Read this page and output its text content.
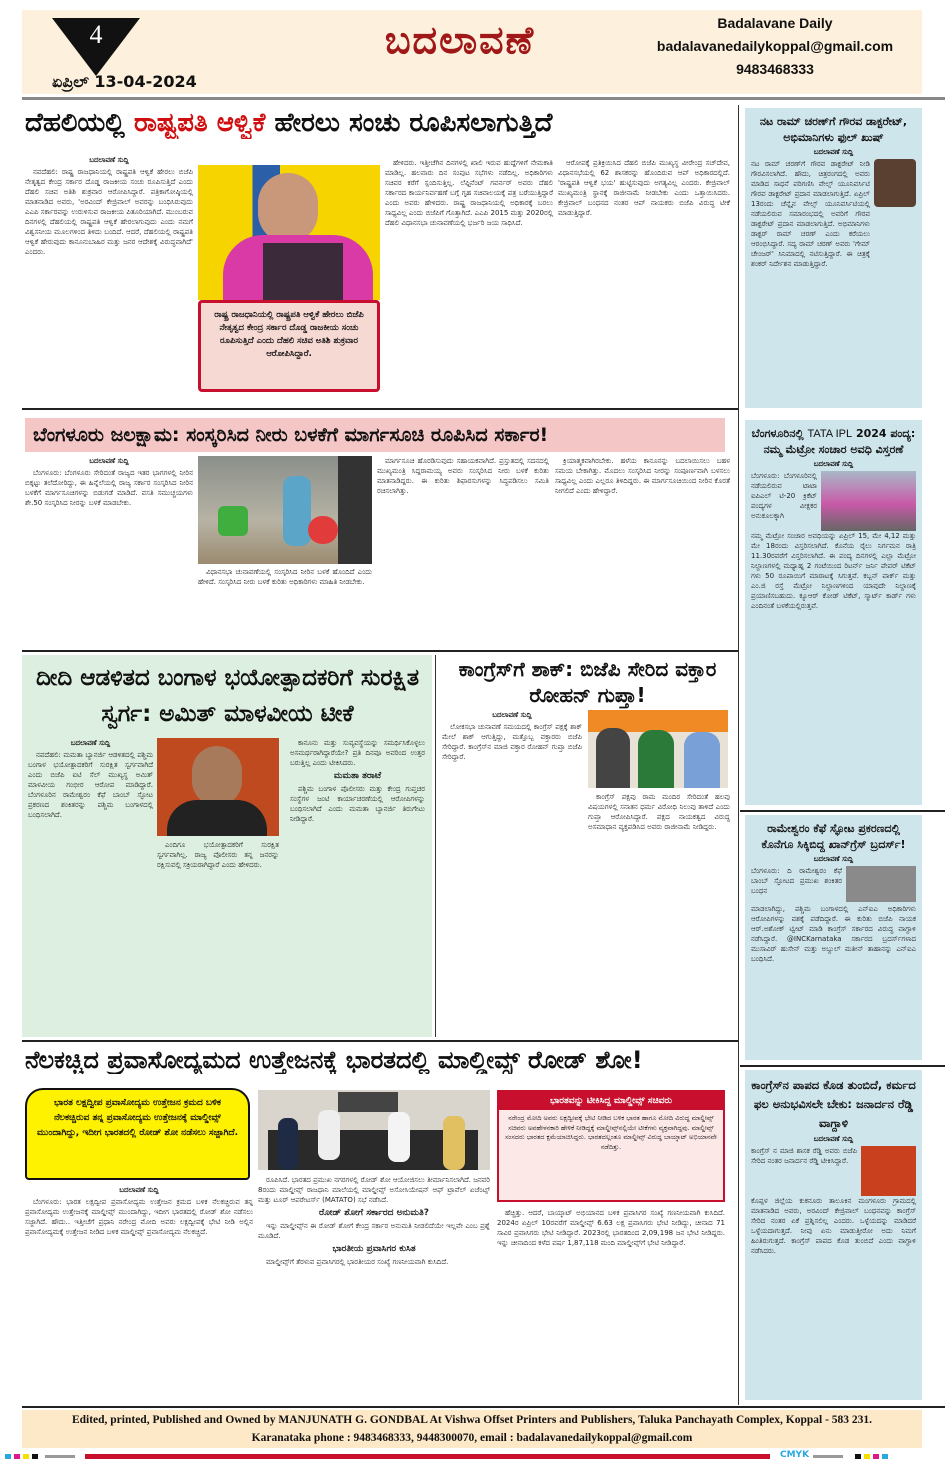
4
ಏಪ್ರಿಲ್ 13-04-2024
ಬದಲಾವಣೆ	Badalavane Daily
badalavanedailykoppal@gmail.com
9483468333
ದೆಹಲಿಯಲ್ಲಿ ರಾಷ್ಟ್ರಪತಿ ಆಳ್ವಿಕೆ ಹೇರಲು ಸಂಚು ರೂಪಿಸಲಾಗುತ್ತಿದೆ
ಬದಲಾವಣೆ ಸುದ್ದಿ

ನವದೆಹಲಿ: ರಾಷ್ಟ್ರ ರಾಜಧಾನಿಯಲ್ಲಿ ರಾಷ್ಟ್ರಪತಿ ಆಳ್ವಿಕೆ ಹೇರಲು ಬಿಜೆಪಿ ನೇತೃತ್ವದ ಕೇಂದ್ರ ಸರ್ಕಾರ ದೊಡ್ಡ ರಾಜಕೀಯ ಸಂಚು ರೂಪಿಸುತ್ತಿದೆ ಎಂದು ದೆಹಲಿ ಸಚಿವ ಅತಿಶಿ ಶುಕ್ರವಾರ ಆರೋಪಿಸಿದ್ದಾರೆ. ಪತ್ರಿಕಾಗೋಷ್ಠಿಯಲ್ಲಿ ಮಾತನಾಡಿದ ಅವರು, 'ಅರವಿಂದ್ ಕೇಜ್ರಿವಾಲ್ ಅವರನ್ನು ಬಂಧಿಸಿರುವುದು ಎಎಪಿ ಸರ್ಕಾರವನ್ನು ಉರುಳಿಸುವ ರಾಜಕೀಯ ಪಿತೂರಿಯಾಗಿದೆ. ಮುಂಬರುವ ದಿನಗಳಲ್ಲಿ ದೆಹಲಿಯಲ್ಲಿ ರಾಷ್ಟ್ರಪತಿ ಆಳ್ವಿಕೆ ಹೇರಲಾಗುವುದು ಎಂದು ನಮಗೆ ವಿಶ್ವಸನೀಯ ಮೂಲಗಳಿಂದ ತಿಳಿದು ಬಂದಿದೆ. ಆದರೆ, ದೆಹಲಿಯಲ್ಲಿ ರಾಷ್ಟ್ರಪತಿ ಆಳ್ವಿಕೆ ಹೇರುವುದು ಕಾನೂನುಬಾಹಿರ ಮತ್ತು ಜನರ ಆದೇಶಕ್ಕೆ ವಿರುದ್ಧವಾಗಿದೆ' ಎಂದರು.

ರಾಷ್ಟ್ರ ರಾಜಧಾನಿಯಲ್ಲಿ ರಾಷ್ಟ್ರಪತಿ ಆಳ್ವಿಕೆ ಹೇರಲು ಬಿಜೆಪಿ ನೇತೃತ್ವದ ಕೇಂದ್ರ ಸರ್ಕಾರ ದೊಡ್ಡ ರಾಜಕೀಯ ಸಂಚು ರೂಪಿಸುತ್ತಿದೆ ಎಂದು ದೆಹಲಿ ಸಚಿವ ಅತಿಶಿ ಶುಕ್ರವಾರ ಆರೋಪಿಸಿದ್ದಾರೆ.

ಹೇಳಿದರು. ಇತ್ತೀಚೆಗಿನ ದಿನಗಳಲ್ಲಿ ಖಾಲಿ ಇರುವ ಹುದ್ದೆಗಳಿಗೆ ನೇಮಕಾತಿ ಮಾಡಿಲ್ಲ. ಹಲವಾರು ದಿನ ಸಂಪುಟ ಸಭೆಗಳು ನಡೆದಿಲ್ಲ. ಅಧಿಕಾರಿಗಳು ಸಚಿವರ ಕರೆಗೆ ಸ್ಪಂದಿಸುತ್ತಿಲ್ಲ. ಲೆಫ್ಟಿನೆಂಟ್ ಗವರ್ನರ್ ಅವರು ದೆಹಲಿ ಸರ್ಕಾರದ ಕಾರ್ಯನಿರ್ವಹಣೆ ಬಗ್ಗೆ ಗೃಹ ಸಚಿವಾಲಯಕ್ಕೆ ಪತ್ರ ಬರೆಯುತ್ತಿದ್ದಾರೆ ಎಂದು ಅವರು ಹೇಳಿದರು. ರಾಷ್ಟ್ರ ರಾಜಧಾನಿಯಲ್ಲಿ ಅಧಿಕಾರಕ್ಕೆ ಬರಲು ಸಾಧ್ಯವಿಲ್ಲ ಎಂದು ಬಿಜೆಪಿಗೆ ಗೊತ್ತಾಗಿದೆ. ಎಎಪಿ 2015 ಮತ್ತು 2020ರಲ್ಲಿ ದೆಹಲಿ ವಿಧಾನಸಭಾ ಚುನಾವಣೆಯಲ್ಲಿ ಭರ್ಜರಿ ಜಯ ಸಾಧಿಸಿದೆ.

ಆರೋಪಕ್ಕೆ ಪ್ರತಿಕ್ರಿಯಿಸಿದ ದೆಹಲಿ ಬಿಜೆಪಿ ಮುಖ್ಯಸ್ಥ ವೀರೇಂದ್ರ ಸಚ್‌ದೇವ, ವಿಧಾನಸಭೆಯಲ್ಲಿ 62 ಶಾಸಕರನ್ನು ಹೊಂದಿರುವ ಆಪ್ ಅಧಿಕಾರದಲ್ಲಿದೆ. 'ರಾಷ್ಟ್ರಪತಿ ಆಳ್ವಿಕೆ ಭಯ' ಹುಟ್ಟಿಸುವುದು ಅಗತ್ಯವಿಲ್ಲ ಎಂದರು. ಕೇಜ್ರಿವಾಲ್ ಮುಖ್ಯಮಂತ್ರಿ ಸ್ಥಾನಕ್ಕೆ ರಾಜೀನಾಮೆ ನೀಡಬೇಕು ಎಂದು ಒತ್ತಾಯಿಸಿದರು. ಕೇಜ್ರಿವಾಲ್ ಬಂಧನದ ನಂತರ ಆಪ್ ನಾಯಕರು ಬಿಜೆಪಿ ವಿರುದ್ಧ ಟೀಕೆ ಮಾಡುತ್ತಿದ್ದಾರೆ.

ಬೆಂಗಳೂರು ಜಲಕ್ಷಾಮ: ಸಂಸ್ಕರಿಸಿದ ನೀರು ಬಳಕೆಗೆ ಮಾರ್ಗಸೂಚಿ ರೂಪಿಸಿದ ಸರ್ಕಾರ!
ಬದಲಾವಣೆ ಸುದ್ದಿ

ಬೆಂಗಳೂರು: ಬೆಂಗಳೂರು ಸೇರಿದಂತೆ ರಾಜ್ಯದ ಇತರ ಭಾಗಗಳಲ್ಲಿ ನೀರಿನ ಬಿಕ್ಕಟ್ಟು ತಲೆದೋರಿದ್ದು, ಈ ಹಿನ್ನೆಲೆಯಲ್ಲಿ ರಾಜ್ಯ ಸರ್ಕಾರ ಸಂಸ್ಕರಿಸಿದ ನೀರಿನ ಬಳಕೆಗೆ ಮಾರ್ಗಸೂಚಿಗಳನ್ನು ಬಿಡುಗಡೆ ಮಾಡಿದೆ. ವಸತಿ ಸಮುಚ್ಚಯಗಳು ಶೇ.50 ಸಂಸ್ಕರಿಸಿದ ನೀರನ್ನು ಬಳಕೆ ಮಾಡಬೇಕು.

ವಿಧಾನಸಭಾ ಚುನಾವಣೆಯಲ್ಲಿ ಸಂಸ್ಕರಿಸಿದ ನೀರಿನ ಬಳಕೆ ಹೊಂದಿದೆ ಎಂದು ಹೇಳಿದೆ. ಸಂಸ್ಕರಿಸಿದ ನೀರು ಬಳಕೆ ಕುರಿತು ಅಧಿಕಾರಿಗಳು ಮಾಹಿತಿ ನೀಡಬೇಕು.

ಮಾರ್ಗಸೂಚಿ ಹೊರಡಿಸುವುದು ಸಹಾಯಕವಾಗಿದೆ. ಪ್ರಸ್ತುತದಲ್ಲಿ ಸದನದಲ್ಲಿ ಮುಖ್ಯಮಂತ್ರಿ ಸಿದ್ದರಾಮಯ್ಯ ಅವರು ಸಂಸ್ಕರಿಸಿದ ನೀರು ಬಳಕೆ ಕುರಿತು ಮಾತನಾಡಿದ್ದರು. ಈ ಕುರಿತು ಶಿಫಾರಸುಗಳನ್ನು ಸಿದ್ಧಪಡಿಸಲು ಸಮಿತಿ ರಚಿಸಲಾಗಿತ್ತು.

ಕ್ರಿಯಾತ್ಮಕವಾಗಿರಬೇಕು. ಹಳೆಯ ಕಾನೂನನ್ನು ಬದಲಾಯಿಸಲು ಬಹಳ ಸಮಯ ಬೇಕಾಗಿತ್ತು. ಮೊದಲು ಸಂಸ್ಕರಿಸಿದ ನೀರನ್ನು ಸಂಪೂರ್ಣವಾಗಿ ಬಳಸಲು ಸಾಧ್ಯವಿಲ್ಲ ಎಂದು ಎಲ್ಲರೂ ತಿಳಿದಿದ್ದರು. ಈ ಮಾರ್ಗಸೂಚಿಯಿಂದ ನೀರಿನ ಕೊರತೆ ನೀಗಲಿದೆ ಎಂದು ಹೇಳಿದ್ದಾರೆ.

ದೀದಿ ಆಡಳಿತದ ಬಂಗಾಳ ಭಯೋತ್ಪಾದಕರಿಗೆ ಸುರಕ್ಷಿತ ಸ್ವರ್ಗ: ಅಮಿತ್ ಮಾಳವೀಯ ಟೀಕೆ
ಬದಲಾವಣೆ ಸುದ್ದಿ

ನವದೆಹಲಿ: ಮಮತಾ ಬ್ಯಾನರ್ಜಿ ಆಡಳಿತದಲ್ಲಿ ಪಶ್ಚಿಮ ಬಂಗಾಳ ಭಯೋತ್ಪಾದಕರಿಗೆ ಸುರಕ್ಷಿತ ಸ್ವರ್ಗವಾಗಿದೆ ಎಂದು ಬಿಜೆಪಿ ಐಟಿ ಸೆಲ್ ಮುಖ್ಯಸ್ಥ ಅಮಿತ್ ಮಾಳವೀಯ ಗಂಭೀರ ಆರೋಪ ಮಾಡಿದ್ದಾರೆ. ಬೆಂಗಳೂರಿನ ರಾಮೇಶ್ವರಂ ಕೆಫೆ ಬಾಂಬ್ ಸ್ಫೋಟ ಪ್ರಕರಣದ ಶಂಕಿತರನ್ನು ಪಶ್ಚಿಮ ಬಂಗಾಳದಲ್ಲಿ ಬಂಧಿಸಲಾಗಿದೆ.

ಎಂದಿಗೂ ಭಯೋತ್ಪಾದಕರಿಗೆ ಸುರಕ್ಷಿತ ಸ್ವರ್ಗವಾಗಿಲ್ಲ. ರಾಜ್ಯ ಪೊಲೀಸರು ತನ್ನ ಜನರನ್ನು ರಕ್ಷಿಸುವಲ್ಲಿ ಸಕ್ರಿಯರಾಗಿದ್ದಾರೆ ಎಂದು ಹೇಳಿದರು.

ಕಾನೂನು ಮತ್ತು ಸುವ್ಯವಸ್ಥೆಯನ್ನು ಸಮರ್ಥಿಸಿಕೊಳ್ಳಲು ಅಸಮರ್ಥರಾಗಿದ್ದಾರೆಯೇ? ಪ್ರತಿ ದಿನವೂ ಅವರಿಂದ ಉತ್ತರ ಬರುತ್ತಿಲ್ಲ ಎಂದು ಟೀಕಿಸಿದರು.

ಮಮತಾ ತರಾಟೆ

ಪಶ್ಚಿಮ ಬಂಗಾಳ ಪೊಲೀಸರು ಮತ್ತು ಕೇಂದ್ರ ಗುಪ್ತಚರ ಸಂಸ್ಥೆಗಳ ಜಂಟಿ ಕಾರ್ಯಾಚರಣೆಯಲ್ಲಿ ಆರೋಪಿಗಳನ್ನು ಬಂಧಿಸಲಾಗಿದೆ ಎಂದು ಮಮತಾ ಬ್ಯಾನರ್ಜಿ ತಿರುಗೇಟು ನೀಡಿದ್ದಾರೆ.

ಕಾಂಗ್ರೆಸ್‌ಗೆ ಶಾಕ್: ಬಿಜೆಪಿ ಸೇರಿದ ವಕ್ತಾರ ರೋಹನ್ ಗುಪ್ತಾ!
ಬದಲಾವಣೆ ಸುದ್ದಿ

ಲೋಕಸಭಾ ಚುನಾವಣೆ ಸಮಯದಲ್ಲಿ ಕಾಂಗ್ರೆಸ್ ಪಕ್ಷಕ್ಕೆ ಶಾಕ್ ಮೇಲೆ ಶಾಕ್ ಆಗುತ್ತಿದ್ದು, ಮತ್ತೊಬ್ಬ ವಕ್ತಾರರು ಬಿಜೆಪಿ ಸೇರಿದ್ದಾರೆ. ಕಾಂಗ್ರೆಸ್‌ನ ಮಾಜಿ ವಕ್ತಾರ ರೋಹನ್ ಗುಪ್ತಾ ಬಿಜೆಪಿ ಸೇರಿದ್ದಾರೆ.

ಕಾಂಗ್ರೆಸ್ ಪಕ್ಷವು ರಾಮ ಮಂದಿರ ಸೇರಿದಂತೆ ಹಲವು ವಿಷಯಗಳಲ್ಲಿ ಸನಾತನ ಧರ್ಮ ವಿರೋಧಿ ನಿಲುವು ತಾಳಿದೆ ಎಂದು ಗುಪ್ತಾ ಆರೋಪಿಸಿದ್ದಾರೆ. ಪಕ್ಷದ ನಾಯಕತ್ವದ ವಿರುದ್ಧ ಅಸಮಾಧಾನ ವ್ಯಕ್ತಪಡಿಸಿದ ಅವರು ರಾಜೀನಾಮೆ ನೀಡಿದ್ದರು.

ನೆಲಕಚ್ಚಿದ ಪ್ರವಾಸೋದ್ಯಮದ ಉತ್ತೇಜನಕ್ಕೆ ಭಾರತದಲ್ಲಿ ಮಾಲ್ಡೀವ್ಸ್ ರೋಡ್ ಶೋ!
ಭಾರತ ಲಕ್ಷದ್ವೀಪ ಪ್ರವಾಸೋದ್ಯಮ ಉತ್ತೇಜನ ಕ್ರಮದ ಬಳಿಕ ನೆಲಕಚ್ಚಿರುವ ತನ್ನ ಪ್ರವಾಸೋದ್ಯಮ ಉತ್ತೇಜನಕ್ಕೆ ಮಾಲ್ಡೀವ್ಸ್ ಮುಂದಾಗಿದ್ದು, ಇದೀಗ ಭಾರತದಲ್ಲಿ ರೋಡ್ ಶೋ ನಡೆಸಲು ಸಜ್ಜಾಗಿದೆ.
ಭಾರತವನ್ನು ಟೀಕಿಸಿದ್ದ ಮಾಲ್ಡೀವ್ಸ್ ಸಚಿವರು
ನರೇಂದ್ರ ಮೋದಿ ಅವರು ಲಕ್ಷದ್ವೀಪಕ್ಕೆ ಭೇಟಿ ನೀಡಿದ ಬಳಿಕ ಭಾರತ ಹಾಗೂ ಮೋದಿ ವಿರುದ್ಧ ಮಾಲ್ಡೀವ್ಸ್ ಸಚಿವರು ಅವಹೇಳನಕಾರಿ ಹೇಳಿಕೆ ನೀಡಿದ್ದಕ್ಕೆ ಮಾಲ್ಡೀವ್ಸ್‌ನಲ್ಲಿಯೇ ಟೀಕೆಗಳು ವ್ಯಕ್ತವಾಗಿದ್ದವು. ಮಾಲ್ಡೀವ್ಸ್ ಸಂಸದರು ಭಾರತದ ಕ್ಷಮೆಯಾಚಿಸಿದ್ದರು. ಭಾರತದಲ್ಲಂತೂ ಮಾಲ್ಡೀವ್ಸ್ ವಿರುದ್ಧ ಬಾಯ್ಕಾಟ್ ಅಭಿಯಾನವೇ ನಡೆದಿತ್ತು.
ಬದಲಾವಣೆ ಸುದ್ದಿ

ಬೆಂಗಳೂರು: ಭಾರತ ಲಕ್ಷದ್ವೀಪ ಪ್ರವಾಸೋದ್ಯಮ ಉತ್ತೇಜನ ಕ್ರಮದ ಬಳಿಕ ನೆಲಕಚ್ಚಿರುವ ತನ್ನ ಪ್ರವಾಸೋದ್ಯಮ ಉತ್ತೇಜನಕ್ಕೆ ಮಾಲ್ಡೀವ್ಸ್ ಮುಂದಾಗಿದ್ದು, ಇದೀಗ ಭಾರತದಲ್ಲಿ ರೋಡ್ ಶೋ ನಡೆಸಲು ಸಜ್ಜಾಗಿದೆ. ಹೌದು.. ಇತ್ತೀಚೆಗೆ ಪ್ರಧಾನಿ ನರೇಂದ್ರ ಮೋದಿ ಅವರು ಲಕ್ಷದ್ವೀಪಕ್ಕೆ ಭೇಟಿ ನೀಡಿ ಅಲ್ಲಿನ ಪ್ರವಾಸೋದ್ಯಮಕ್ಕೆ ಉತ್ತೇಜನ ನೀಡಿದ ಬಳಿಕ ಮಾಲ್ಡೀವ್ಸ್ ಪ್ರವಾಸೋದ್ಯಮ ನೆಲಕಚ್ಚಿದೆ.

ರೂಪಿಸಿದೆ. ಭಾರತದ ಪ್ರಮುಖ ನಗರಗಳಲ್ಲಿ ರೋಡ್ ಶೋ ಆಯೋಜಿಸಲು ತೀರ್ಮಾನಿಸಲಾಗಿದೆ. ಜನವರಿ 8ರಂದು ಮಾಲ್ಡೀವ್ಸ್ ರಾಜಧಾನಿ ಮಾಲೆಯಲ್ಲಿ ಮಾಲ್ಡೀವ್ಸ್ ಅಸೋಸಿಯೇಷನ್ ಆಫ್ ಟ್ರಾವೆಲ್ ಏಜೆಂಟ್ಸ್ ಮತ್ತು ಟೂರ್ ಆಪರೇಟರ್ಸ್ (MATATO) ಸಭೆ ನಡೆಸಿದೆ.

ರೋಡ್ ಶೋಗೆ ಸರ್ಕಾರದ ಅನುಮತಿ?

ಇನ್ನು ಮಾಲ್ಡೀವ್ಸ್‌ನ ಈ ರೋಡ್ ಶೋಗೆ ಕೇಂದ್ರ ಸರ್ಕಾರ ಅನುಮತಿ ನೀಡಲಿದೆಯೇ ಇಲ್ಲವೇ ಎಂಬ ಪ್ರಶ್ನೆ ಮೂಡಿದೆ.

ಭಾರತೀಯ ಪ್ರವಾಸಿಗರ ಕುಸಿತ

ಮಾಲ್ಡೀವ್ಸ್‌ಗೆ ತೆರಳುವ ಪ್ರವಾಸಿಗರಲ್ಲಿ ಭಾರತೀಯರ ಸಂಖ್ಯೆ ಗಣನೀಯವಾಗಿ ಕುಸಿದಿದೆ.

ಹೆಚ್ಚಿತ್ತು. ಆದರೆ, ಬಾಯ್ಕಾಟ್ ಅಭಿಯಾನದ ಬಳಿಕ ಪ್ರವಾಸಿಗರ ಸಂಖ್ಯೆ ಗಣನೀಯವಾಗಿ ಕುಸಿದಿದೆ. 2024ರ ಏಪ್ರಿಲ್ 10ರವರೆಗೆ ಮಾಲ್ಡೀವ್ಸ್ 6.63 ಲಕ್ಷ ಪ್ರವಾಸಿಗರು ಭೇಟಿ ನೀಡಿದ್ದು, ಚೀನಾದ 71 ಸಾವಿರ ಪ್ರವಾಸಿಗರು ಭೇಟಿ ನೀಡಿದ್ದಾರೆ. 2023ರಲ್ಲಿ ಭಾರತದಿಂದ 2,09,198 ಜನ ಭೇಟಿ ನೀಡಿದ್ದರು. ಇನ್ನು ಚೀನಾದಿಂದ ಕಳೆದ ವರ್ಷ 1,87,118 ಮಂದಿ ಮಾಲ್ಡೀವ್ಸ್‌ಗೆ ಭೇಟಿ ನೀಡಿದ್ದಾರೆ.

ನಟ ರಾಮ್ ಚರಣ್‌ಗೆ ಗೌರವ ಡಾಕ್ಟರೇಟ್, ಅಭಿಮಾನಿಗಳು ಫುಲ್ ಖುಷ್
ಬದಲಾವಣೆ ಸುದ್ದಿ
ನಟ ರಾಮ್ ಚರಣ್‌ಗೆ ಗೌರವ ಡಾಕ್ಟರೇಟ್ ನೀಡಿ ಗೌರವಿಸಲಾಗಿದೆ. ಹೌದು, ಚಿತ್ರರಂಗದಲ್ಲಿ ಅವರು ಮಾಡಿದ ಸಾಧನೆ ಪರಿಗಣಿಸಿ ವೇಲ್ಸ್ ಯೂನಿವರ್ಸಿಟಿ ಗೌರವ ಡಾಕ್ಟರೇಟ್ ಪ್ರದಾನ ಮಾಡಲಾಗುತ್ತಿದೆ. ಏಪ್ರಿಲ್ 13ರಂದು ಚೆನ್ನೈನ ವೇಲ್ಸ್ ಯೂನಿವರ್ಸಿಟಿಯಲ್ಲಿ ನಡೆಯಲಿರುವ ಸಮಾರಂಭದಲ್ಲಿ ಅವರಿಗೆ ಗೌರವ ಡಾಕ್ಟರೇಟ್ ಪ್ರದಾನ ಮಾಡಲಾಗುತ್ತಿದೆ. ಅಭಿಮಾನಿಗಳು ಡಾಕ್ಟರ್ ರಾಮ್ ಚರಣ್ ಎಂದು ಕರೆಯಲು ಆರಂಭಿಸಿದ್ದಾರೆ. ಸದ್ಯ ರಾಮ್ ಚರಣ್ ಅವರು 'ಗೇಮ್ ಚೇಂಜರ್' ಸಿನಿಮಾದಲ್ಲಿ ನಟಿಸುತ್ತಿದ್ದಾರೆ. ಈ ಚಿತ್ರಕ್ಕೆ ಶಂಕರ್ ನಿರ್ದೇಶನ ಮಾಡುತ್ತಿದ್ದಾರೆ.
ಬೆಂಗಳೂರಿನಲ್ಲಿ TATA IPL 2024 ಪಂದ್ಯ: ನಮ್ಮ ಮೆಟ್ರೋ ಸಂಚಾರ ಅವಧಿ ವಿಸ್ತರಣೆ
ಬದಲಾವಣೆ ಸುದ್ದಿ
ಬೆಂಗಳೂರು: ಬೆಂಗಳೂರಿನಲ್ಲಿ ನಡೆಯಲಿರುವ ಟಾಟಾ ಐಪಿಎಲ್ ಟಿ-20 ಕ್ರಿಕೆಟ್ ಪಂದ್ಯಗಳ ವೀಕ್ಷಕರ ಅನುಕೂಲಕ್ಕಾಗಿ
ನಮ್ಮ ಮೆಟ್ರೋ ಸಂಚಾರ ಅವಧಿಯನ್ನು ಏಪ್ರಿಲ್ 15, ಮೇ 4,12 ಮತ್ತು ಮೇ 18ರಂದು ವಿಸ್ತರಿಸಲಾಗಿದೆ. ಕೊನೆಯ ರೈಲು ನಿರ್ಗಮನ ರಾತ್ರಿ 11.30ರವರೆಗೆ ವಿಸ್ತರಿಸಲಾಗಿದೆ. ಈ ಪಂದ್ಯ ದಿನಗಳಲ್ಲಿ ಎಲ್ಲಾ ಮೆಟ್ರೋ ನಿಲ್ದಾಣಗಳಲ್ಲಿ ಮಧ್ಯಾಹ್ನ 2 ಗಂಟೆಯಿಂದ ರಿಟರ್ನ್ ಜರ್ನಿ ಪೇಪರ್ ಟಿಕೆಟ್ ಗಳು 50 ರೂಪಾಯಿಗೆ ಮಾರಾಟಕ್ಕೆ ಸಿಗುತ್ತವೆ. ಕಬ್ಬನ್ ಪಾರ್ಕ್ ಮತ್ತು ಎಂ.ಜಿ ರಸ್ತೆ ಮೆಟ್ರೋ ನಿಲ್ದಾಣಗಳಿಂದ ಯಾವುದೇ ನಿಲ್ದಾಣಕ್ಕೆ ಪ್ರಯಾಣಿಸಬಹುದು. ಕ್ಯೂಆರ್ ಕೋಡ್ ಟಿಕೆಟ್, ಸ್ಮಾರ್ಟ್ ಕಾರ್ಡ್ ಗಳು ಎಂದಿನಂತೆ ಬಳಕೆಯಲ್ಲಿರುತ್ತವೆ.
ರಾಮೇಶ್ವರಂ ಕೆಫೆ ಸ್ಫೋಟ ಪ್ರಕರಣದಲ್ಲಿ ಕೊನೆಗೂ ಸಿಕ್ಕಿಬಿದ್ದ ಖಾನ್‌ಗ್ರೆಸ್ ಬ್ರದರ್ಸ್!
ಬದಲಾವಣೆ ಸುದ್ದಿ
ಬೆಂಗಳೂರು: ದಿ ರಾಮೇಶ್ವರಂ ಕೆಫೆ ಬಾಂಬ್ ಸ್ಫೋಟದ ಪ್ರಮುಖ ಶಂಕಿತರ ಬಂಧನ
ಮಾಡಲಾಗಿದ್ದು, ಪಶ್ಚಿಮ ಬಂಗಾಳದಲ್ಲಿ ಎನ್ಐಎ ಅಧಿಕಾರಿಗಳು ಆರೋಪಿಗಳನ್ನು ವಶಕ್ಕೆ ಪಡೆದಿದ್ದಾರೆ. ಈ ಕುರಿತು ಬಿಜೆಪಿ ನಾಯಕ ಆರ್.ಅಶೋಕ್ ಟ್ವೀಟ್ ಮಾಡಿ ಕಾಂಗ್ರೆಸ್ ಸರ್ಕಾರದ ವಿರುದ್ಧ ವಾಗ್ದಾಳಿ ನಡೆಸಿದ್ದಾರೆ. @INCKarnataka ಸರ್ಕಾರದ ಬ್ರದರ್ಸ್‌ಗಳಾದ ಮುಸಾವಿರ್ ಹುಸೇನ್ ಮತ್ತು ಅಬ್ದುಲ್ ಮತೀನ್ ತಾಹಾನನ್ನು ಎನ್ಐಎ ಬಂಧಿಸಿದೆ.
ಕಾಂಗ್ರೆಸ್‌ನ ಪಾಪದ ಕೊಡ ತುಂಬಿದೆ, ಕರ್ಮದ ಫಲ ಅನುಭವಿಸಲೇ ಬೇಕು: ಜನಾರ್ದನ ರೆಡ್ಡಿ ವಾಗ್ದಾಳಿ
ಬದಲಾವಣೆ ಸುದ್ದಿ
ಕಾಂಗ್ರೆಸ್ ನ ಮಾಜಿ ಶಾಸಕ ರೆಡ್ಡಿ ಅವರು ಬಿಜೆಪಿ ಸೇರಿದ ನಂತರ ಜನಾರ್ದನ ರೆಡ್ಡಿ ಟೀಕಿಸಿದ್ದಾರೆ.
ಕೊಪ್ಪಳ ಜಿಲ್ಲೆಯ ಕುಕನೂರು ತಾಲೂಕಿನ ಮಂಗಳೂರು ಗ್ರಾಮದಲ್ಲಿ ಮಾತನಾಡಿದ ಅವರು, ಅರವಿಂದ್ ಕೇಜ್ರಿವಾಲ್ ಬಂಧನವನ್ನು ಕಾಂಗ್ರೆಸ್ ಸೇರಿದ ನಂತರ ಏಕೆ ಪ್ರಶ್ನಿಸಲಿಲ್ಲ ಎಂದರು. ಒಳ್ಳೆಯದನ್ನು ಮಾಡಿದರೆ ಒಳ್ಳೆಯದಾಗುತ್ತದೆ. ನೀವು ಏನು ಮಾಡುತ್ತೀರೋ ಅದು ನಿಮಗೆ ಹಿಂತಿರುಗುತ್ತದೆ. ಕಾಂಗ್ರೆಸ್ ಪಾಪದ ಕೊಡ ತುಂಬಿದೆ ಎಂದು ವಾಗ್ದಾಳಿ ನಡೆಸಿದರು.
Edited, printed, Published and Owned by MANJUNATH G. GONDBAL At Vishwa Offset Printers and Publishers, Taluka Panchayath Complex, Koppal - 583 231.
Karanataka phone : 9483468333, 9448300070, email : badalavanedailykoppal@gmail.com
CMYK
